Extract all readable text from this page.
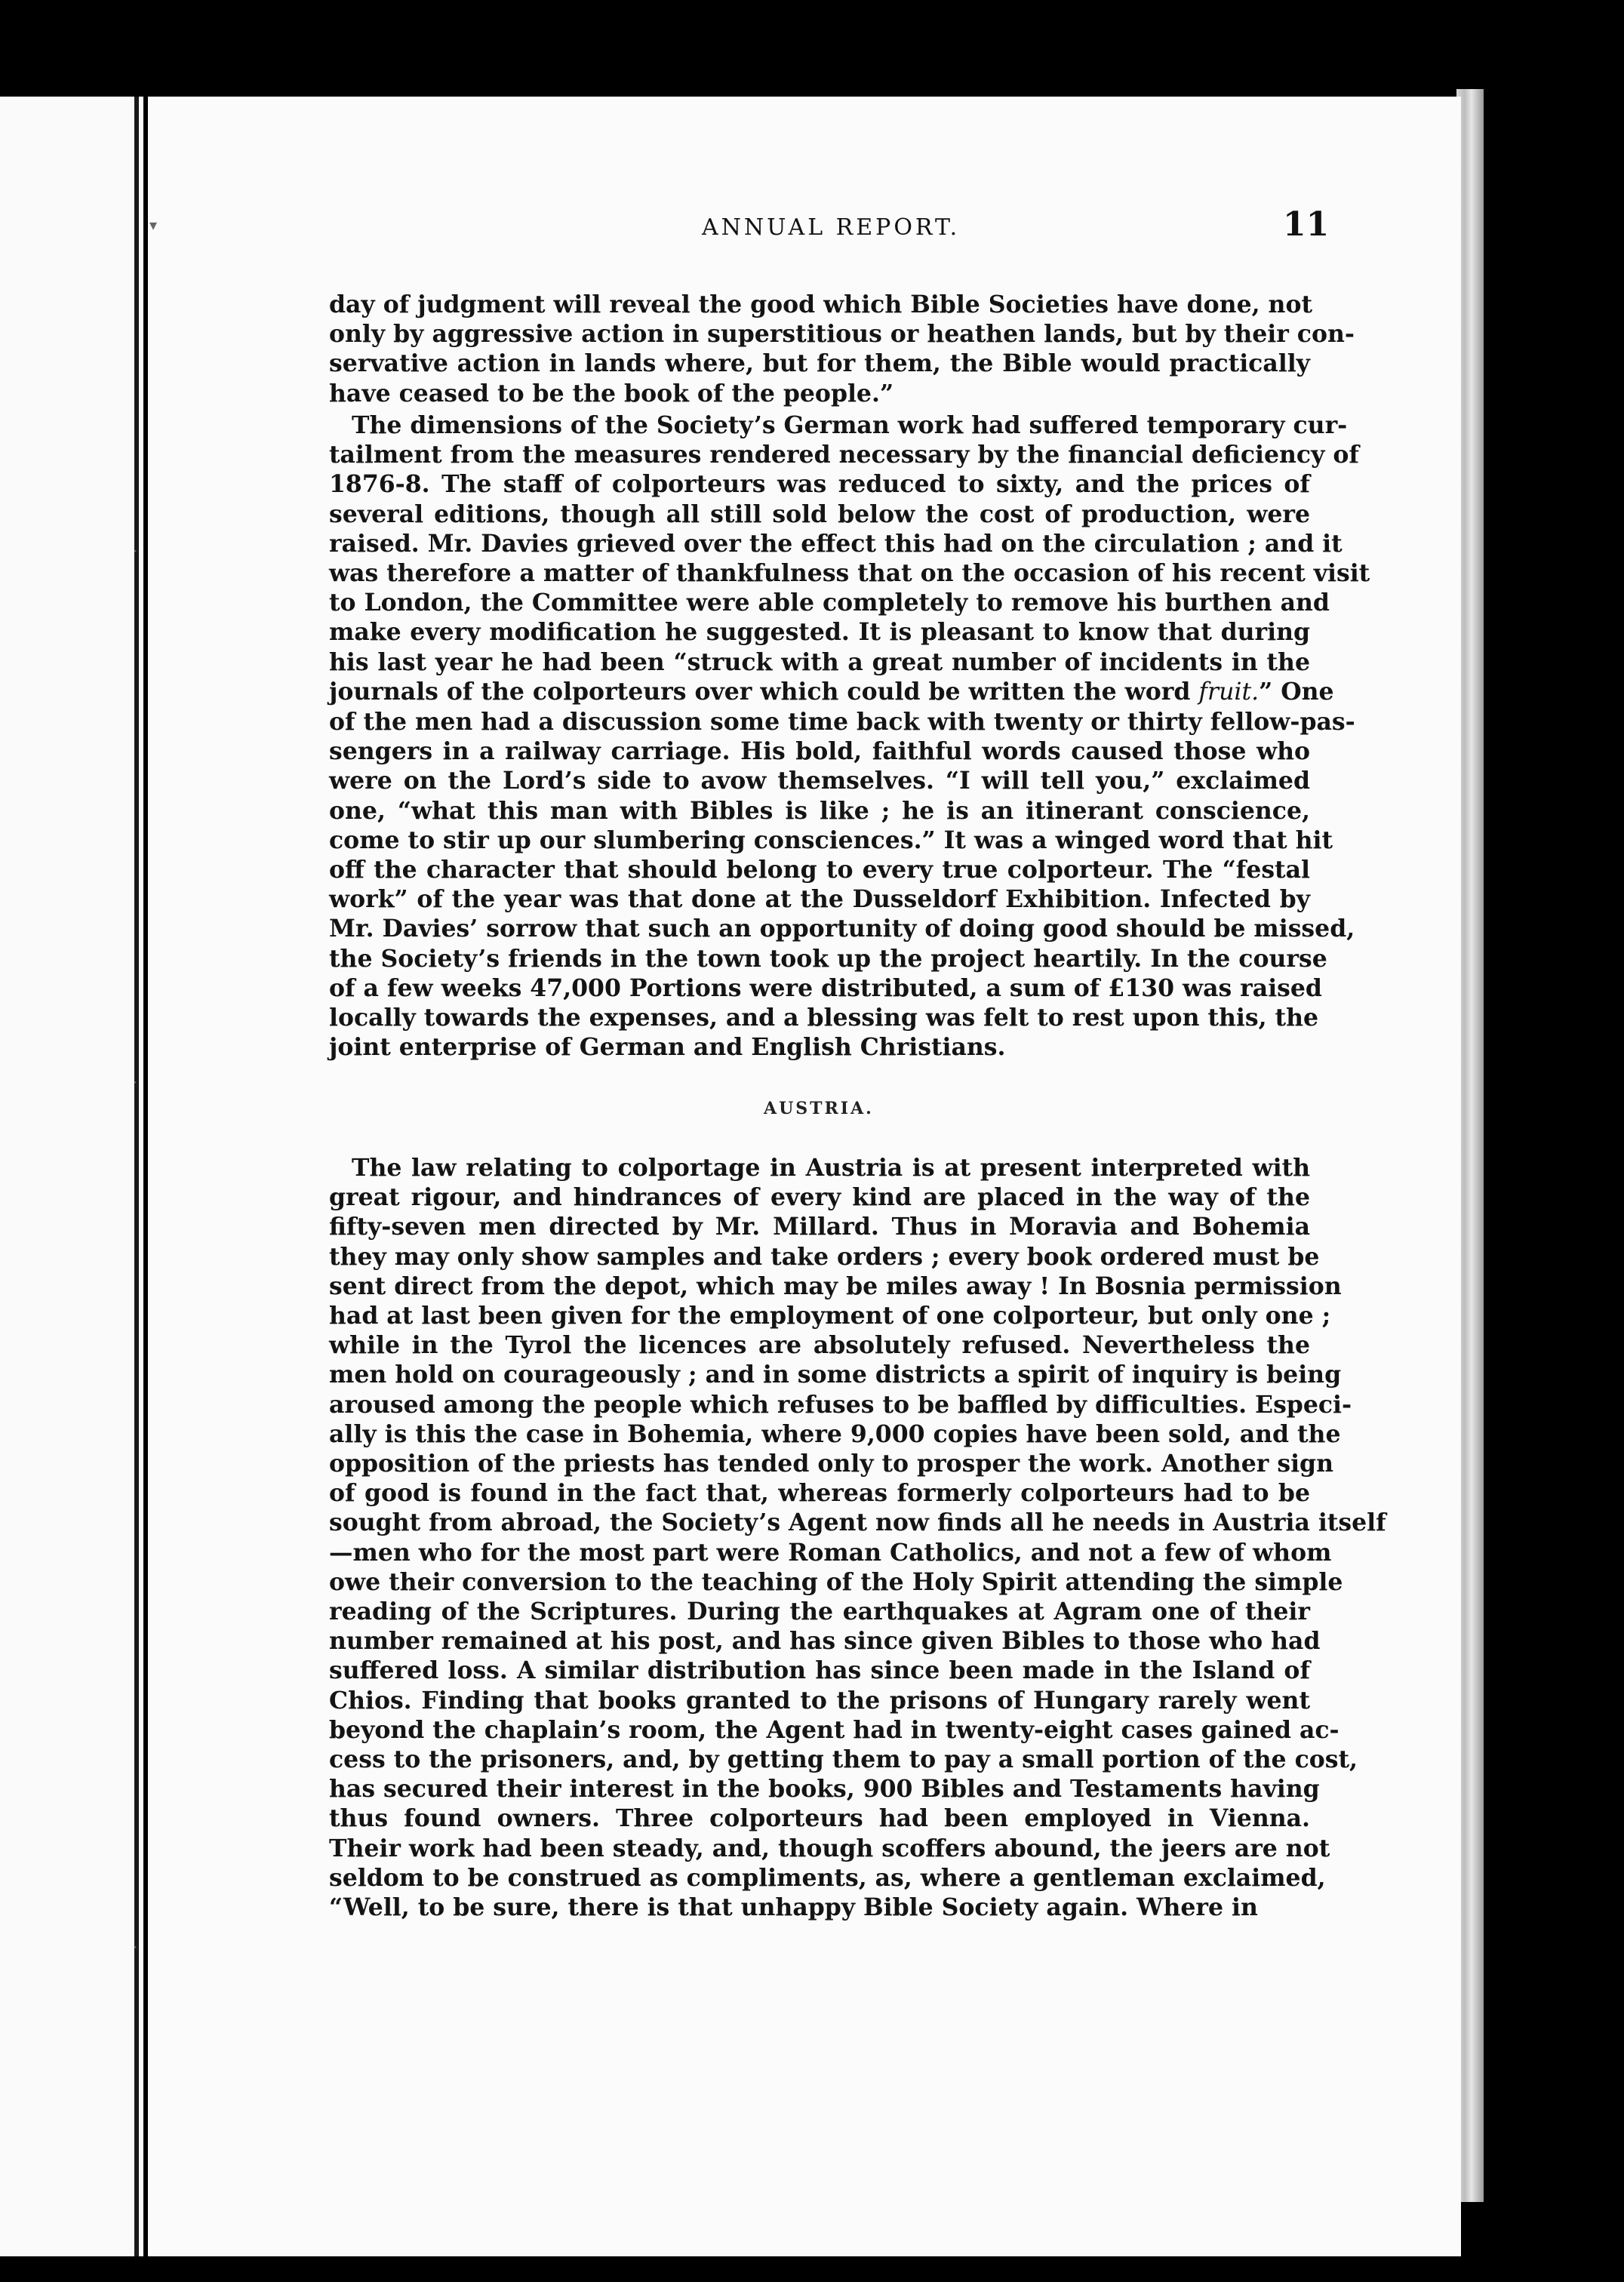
ANNUAL REPORT.	11
day of judgment will reveal the good which Bible Societies have done, not
only by aggressive action in superstitious or heathen lands, but by their con-
servative action in lands where, but for them, the Bible would practically
have ceased to be the book of the people.”
The dimensions of the Society’s German work had suffered temporary cur-
tailment from the measures rendered necessary by the financial deficiency of
1876-8. The staff of colporteurs was reduced to sixty, and the prices of
several editions, though all still sold below the cost of production, were
raised. Mr. Davies grieved over the effect this had on the circulation ; and it
was therefore a matter of thankfulness that on the occasion of his recent visit
to London, the Committee were able completely to remove his burthen and
make every modification he suggested. It is pleasant to know that during
his last year he had been “struck with a great number of incidents in the
journals of the colporteurs over which could be written the word fruit.” One
of the men had a discussion some time back with twenty or thirty fellow-pas-
sengers in a railway carriage. His bold, faithful words caused those who
were on the Lord’s side to avow themselves. “I will tell you,” exclaimed
one, “what this man with Bibles is like ; he is an itinerant conscience,
come to stir up our slumbering consciences.” It was a winged word that hit
off the character that should belong to every true colporteur. The “festal
work” of the year was that done at the Dusseldorf Exhibition. Infected by
Mr. Davies’ sorrow that such an opportunity of doing good should be missed,
the Society’s friends in the town took up the project heartily. In the course
of a few weeks 47,000 Portions were distributed, a sum of £130 was raised
locally towards the expenses, and a blessing was felt to rest upon this, the
joint enterprise of German and English Christians.
AUSTRIA.
The law relating to colportage in Austria is at present interpreted with
great rigour, and hindrances of every kind are placed in the way of the
fifty-seven men directed by Mr. Millard. Thus in Moravia and Bohemia
they may only show samples and take orders ; every book ordered must be
sent direct from the depot, which may be miles away ! In Bosnia permission
had at last been given for the employment of one colporteur, but only one ;
while in the Tyrol the licences are absolutely refused. Nevertheless the
men hold on courageously ; and in some districts a spirit of inquiry is being
aroused among the people which refuses to be baffled by difficulties. Especi-
ally is this the case in Bohemia, where 9,000 copies have been sold, and the
opposition of the priests has tended only to prosper the work. Another sign
of good is found in the fact that, whereas formerly colporteurs had to be
sought from abroad, the Society’s Agent now finds all he needs in Austria itself
—men who for the most part were Roman Catholics, and not a few of whom
owe their conversion to the teaching of the Holy Spirit attending the simple
reading of the Scriptures. During the earthquakes at Agram one of their
number remained at his post, and has since given Bibles to those who had
suffered loss. A similar distribution has since been made in the Island of
Chios. Finding that books granted to the prisons of Hungary rarely went
beyond the chaplain’s room, the Agent had in twenty-eight cases gained ac-
cess to the prisoners, and, by getting them to pay a small portion of the cost,
has secured their interest in the books, 900 Bibles and Testaments having
thus found owners. Three colporteurs had been employed in Vienna.
Their work had been steady, and, though scoffers abound, the jeers are not
seldom to be construed as compliments, as, where a gentleman exclaimed,
“Well, to be sure, there is that unhappy Bible Society again. Where in
▾
·
·
·
